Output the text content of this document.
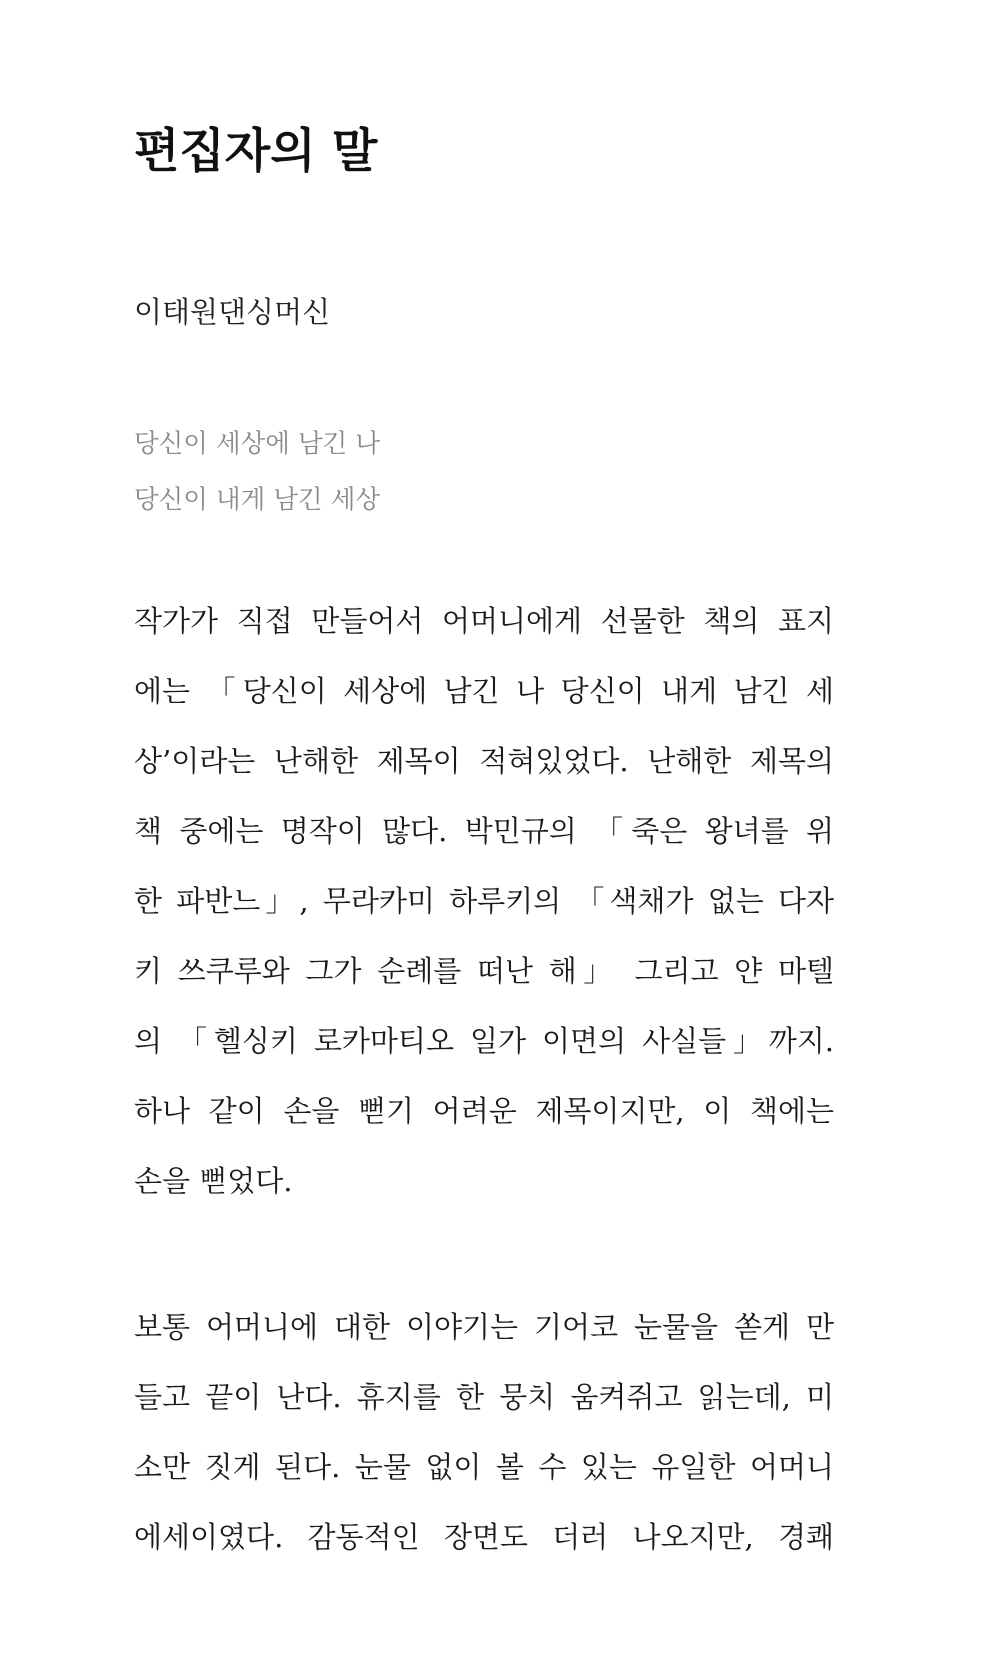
편집자의 말
이태원댄싱머신
당신이 세상에 남긴 나
당신이 내게 남긴 세상
작가가 직접 만들어서 어머니에게 선물한 책의 표지
에는 「당신이 세상에 남긴 나 당신이 내게 남긴 세
상’이라는 난해한 제목이 적혀있었다. 난해한 제목의
책 중에는 명작이 많다. 박민규의 「죽은 왕녀를 위
한 파반느」, 무라카미 하루키의 「색채가 없는 다자
키 쓰쿠루와 그가 순례를 떠난 해」 그리고 얀 마텔
의 「헬싱키 로카마티오 일가 이면의 사실들」까지.
하나 같이 손을 뻗기 어려운 제목이지만, 이 책에는
손을 뻗었다.
보통 어머니에 대한 이야기는 기어코 눈물을 쏟게 만
들고 끝이 난다. 휴지를 한 뭉치 움켜쥐고 읽는데, 미
소만 짓게 된다. 눈물 없이 볼 수 있는 유일한 어머니
에세이였다. 감동적인 장면도 더러 나오지만, 경쾌
